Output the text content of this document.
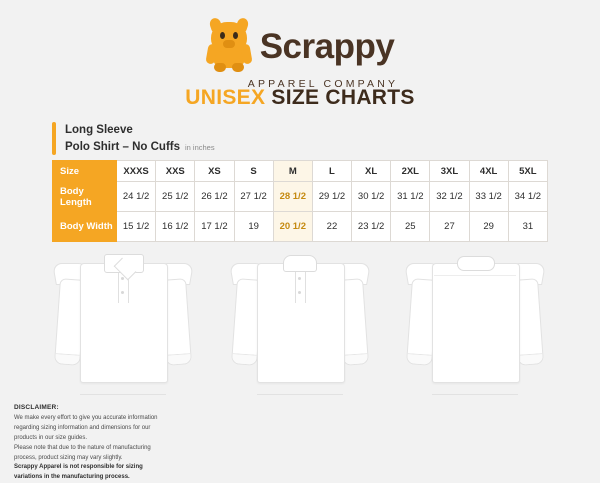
Scrappy
APPAREL COMPANY
UNISEX SIZE CHARTS
Long Sleeve
Polo Shirt – No Cuffs in inches
Size	XXXS	XXS	XS	S	M	L	XL	2XL	3XL	4XL	5XL
Body Length	24 1/2	25 1/2	26 1/2	27 1/2	28 1/2	29 1/2	30 1/2	31 1/2	32 1/2	33 1/2	34 1/2
Body Width	15 1/2	16 1/2	17 1/2	19	20 1/2	22	23 1/2	25	27	29	31
DISCLAIMER:
We make every effort to give you accurate information
regarding sizing information and dimensions for our
products in our size guides.
Please note that due to the nature of manufacturing
process, product sizing may vary slightly.
Scrappy Apparel is not responsible for sizing
variations in the manufacturing process.
